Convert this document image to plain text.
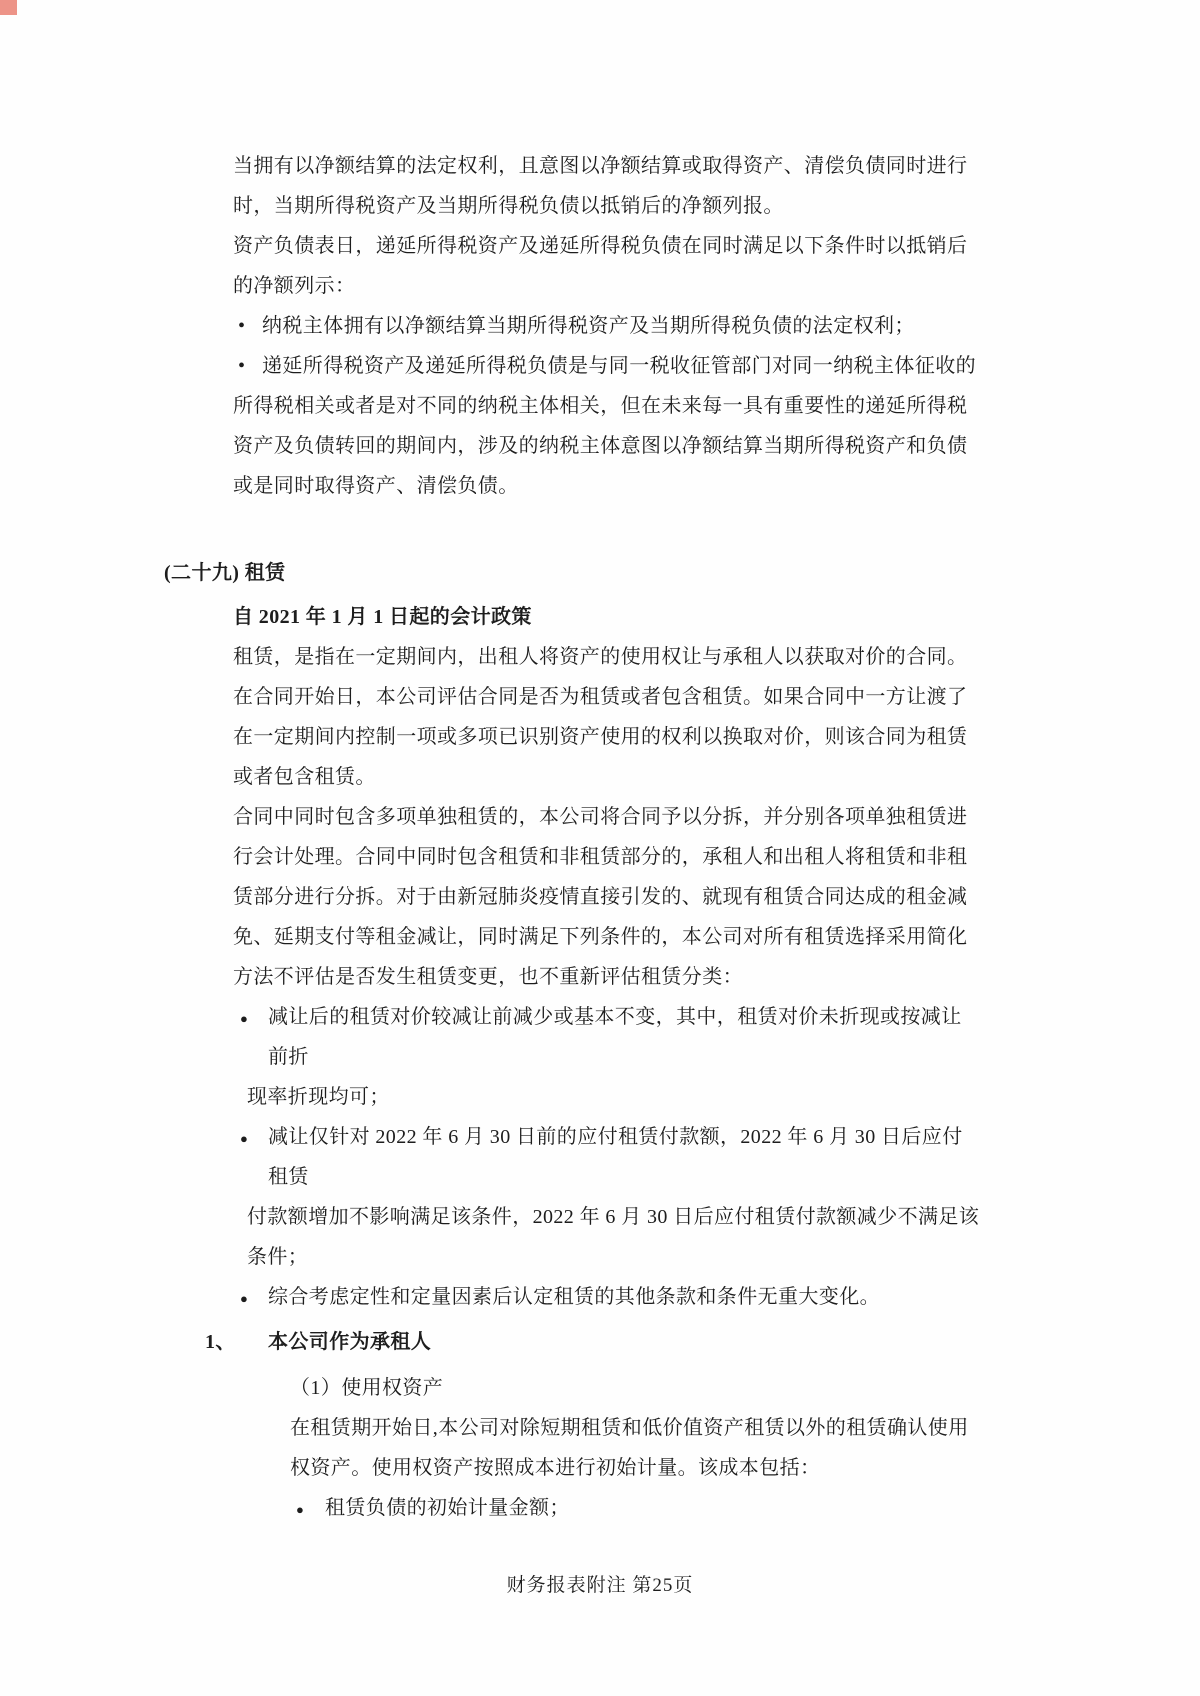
当拥有以净额结算的法定权利，且意图以净额结算或取得资产、清偿负债同时进行
时，当期所得税资产及当期所得税负债以抵销后的净额列报。
资产负债表日，递延所得税资产及递延所得税负债在同时满足以下条件时以抵销后
的净额列示：
• 纳税主体拥有以净额结算当期所得税资产及当期所得税负债的法定权利；
• 递延所得税资产及递延所得税负债是与同一税收征管部门对同一纳税主体征收的
所得税相关或者是对不同的纳税主体相关，但在未来每一具有重要性的递延所得税
资产及负债转回的期间内，涉及的纳税主体意图以净额结算当期所得税资产和负债
或是同时取得资产、清偿负债。
(二十九) 租赁
自 2021 年 1 月 1 日起的会计政策
租赁，是指在一定期间内，出租人将资产的使用权让与承租人以获取对价的合同。
在合同开始日，本公司评估合同是否为租赁或者包含租赁。如果合同中一方让渡了
在一定期间内控制一项或多项已识别资产使用的权利以换取对价，则该合同为租赁
或者包含租赁。
合同中同时包含多项单独租赁的，本公司将合同予以分拆，并分别各项单独租赁进
行会计处理。合同中同时包含租赁和非租赁部分的，承租人和出租人将租赁和非租
赁部分进行分拆。对于由新冠肺炎疫情直接引发的、就现有租赁合同达成的租金减
免、延期支付等租金减让，同时满足下列条件的，本公司对所有租赁选择采用简化
方法不评估是否发生租赁变更，也不重新评估租赁分类：
● 减让后的租赁对价较减让前减少或基本不变，其中，租赁对价未折现或按减让
前折
现率折现均可；
● 减让仅针对 2022 年 6 月 30 日前的应付租赁付款额，2022 年 6 月 30 日后应付
租赁
付款额增加不影响满足该条件，2022 年 6 月 30 日后应付租赁付款额减少不满足该
条件；
● 综合考虑定性和定量因素后认定租赁的其他条款和条件无重大变化。
1、 本公司作为承租人
（1）使用权资产
在租赁期开始日,本公司对除短期租赁和低价值资产租赁以外的租赁确认使用
权资产。使用权资产按照成本进行初始计量。该成本包括：
● 租赁负债的初始计量金额；
财务报表附注 第25页
